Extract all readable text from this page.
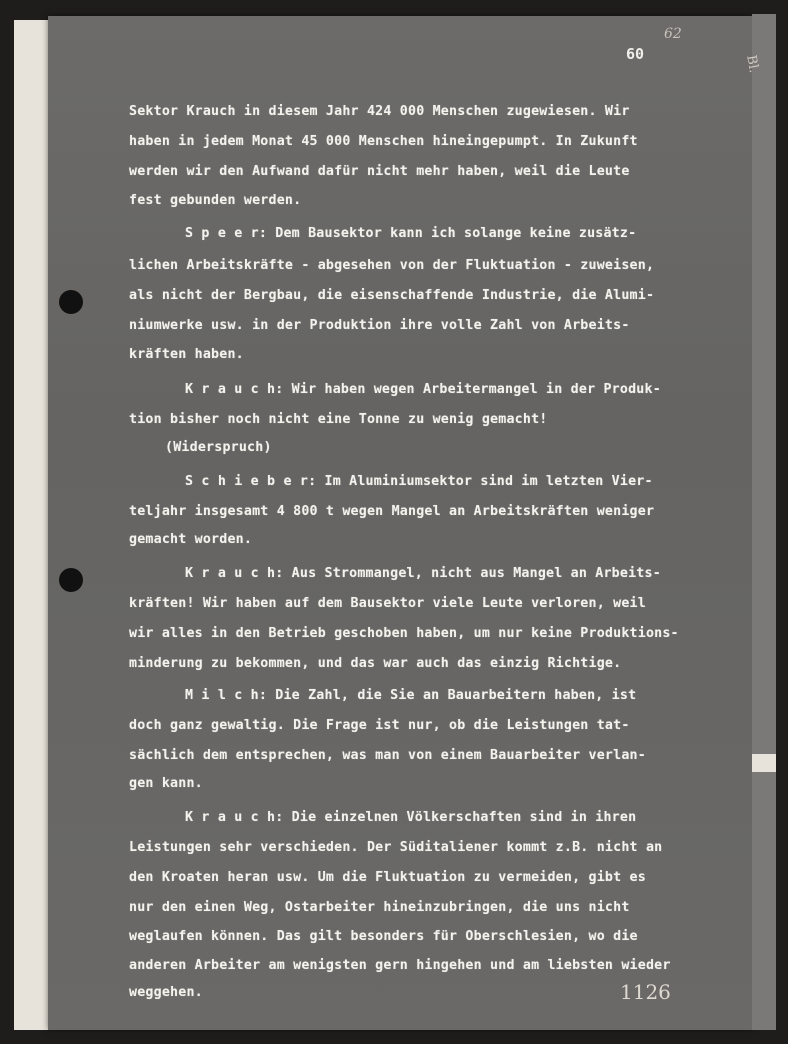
Bl.
60
62
Sektor Krauch in diesem Jahr 424 000 Menschen zugewiesen. Wir
haben in jedem Monat 45 000 Menschen hineingepumpt. In Zukunft
werden wir den Aufwand dafür nicht mehr haben, weil die Leute
fest gebunden werden.
S p e e r: Dem Bausektor kann ich solange keine zusätz-
lichen Arbeitskräfte - abgesehen von der Fluktuation - zuweisen,
als nicht der Bergbau, die eisenschaffende Industrie, die Alumi-
niumwerke usw. in der Produktion ihre volle Zahl von Arbeits-
kräften haben.
K r a u c h: Wir haben wegen Arbeitermangel in der Produk-
tion bisher noch nicht eine Tonne zu wenig gemacht!
(Widerspruch)
S c h i e b e r: Im Aluminiumsektor sind im letzten Vier-
teljahr insgesamt 4 800 t wegen Mangel an Arbeitskräften weniger
gemacht worden.
K r a u c h: Aus Strommangel, nicht aus Mangel an Arbeits-
kräften! Wir haben auf dem Bausektor viele Leute verloren, weil
wir alles in den Betrieb geschoben haben, um nur keine Produktions-
minderung zu bekommen, und das war auch das einzig Richtige.
M i l c h: Die Zahl, die Sie an Bauarbeitern haben, ist
doch ganz gewaltig. Die Frage ist nur, ob die Leistungen tat-
sächlich dem entsprechen, was man von einem Bauarbeiter verlan-
gen kann.
K r a u c h: Die einzelnen Völkerschaften sind in ihren
Leistungen sehr verschieden. Der Süditaliener kommt z.B. nicht an
den Kroaten heran usw. Um die Fluktuation zu vermeiden, gibt es
nur den einen Weg, Ostarbeiter hineinzubringen, die uns nicht
weglaufen können. Das gilt besonders für Oberschlesien, wo die
anderen Arbeiter am wenigsten gern hingehen und am liebsten wieder
weggehen.	1126
